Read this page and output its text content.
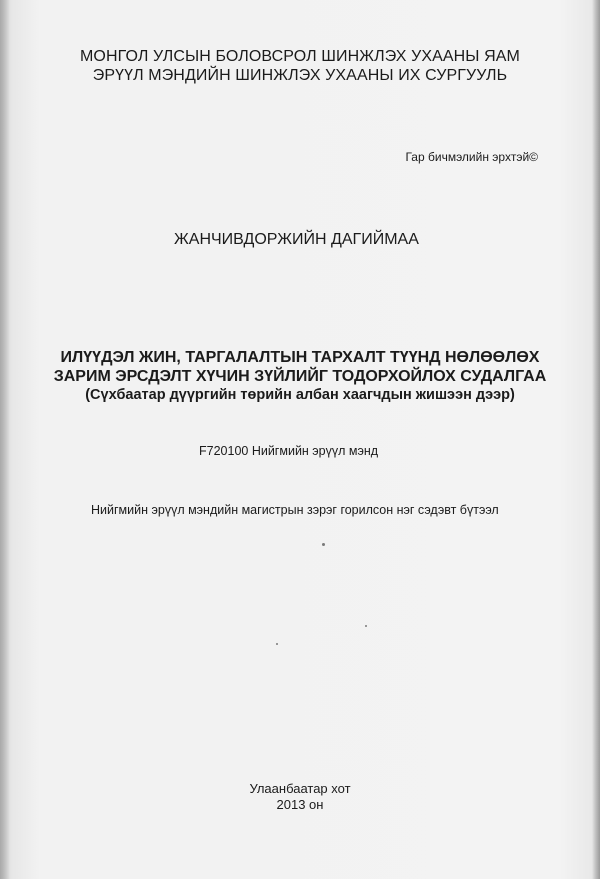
МОНГОЛ УЛСЫН БОЛОВСРОЛ ШИНЖЛЭХ УХААНЫ ЯАМ
ЭРҮҮЛ МЭНДИЙН ШИНЖЛЭХ УХААНЫ ИХ СУРГУУЛЬ
Гар бичмэлийн эрхтэй©
ЖАНЧИВДОРЖИЙН ДАГИЙМАА
ИЛҮҮДЭЛ ЖИН, ТАРГАЛАЛТЫН ТАРХАЛТ ТҮҮНД НӨЛӨӨЛӨХ
ЗАРИМ ЭРСДЭЛТ ХҮЧИН ЗҮЙЛИЙГ ТОДОРХОЙЛОХ СУДАЛГАА
(Сүхбаатар дүүргийн төрийн албан хаагчдын жишээн дээр)
F720100 Нийгмийн эрүүл мэнд
Нийгмийн эрүүл мэндийн магистрын зэрэг горилсон нэг сэдэвт бүтээл
Улаанбаатар хот
2013 он
